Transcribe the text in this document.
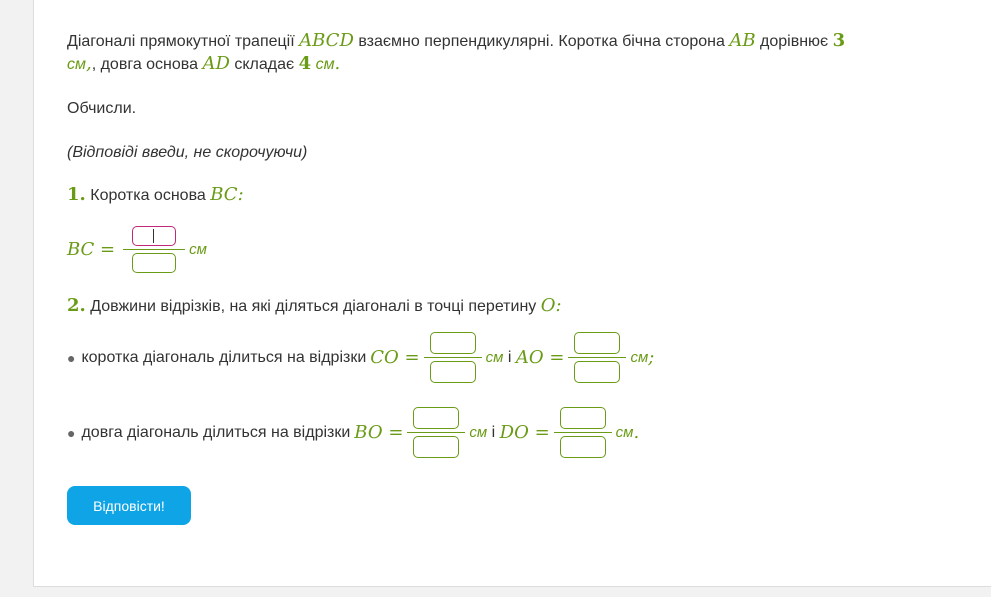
Діагоналі прямокутної трапеції ABCD взаємно перпендикулярні. Коротка бічна сторона AB дорівнює 3
см,, довга основа AD складає 4 см.
Обчисли.
(Відповіді введи, не скорочуючи)
1. Коротка основа BC:
BC =	см
2. Довжини відрізків, на які діляться діагоналі в точці перетину O:
● коротка діагональ ділиться на відрізки CO =	см і AO =	см ;
● довга діагональ ділиться на відрізки BO =	см і DO =	см .
Відповісти!
